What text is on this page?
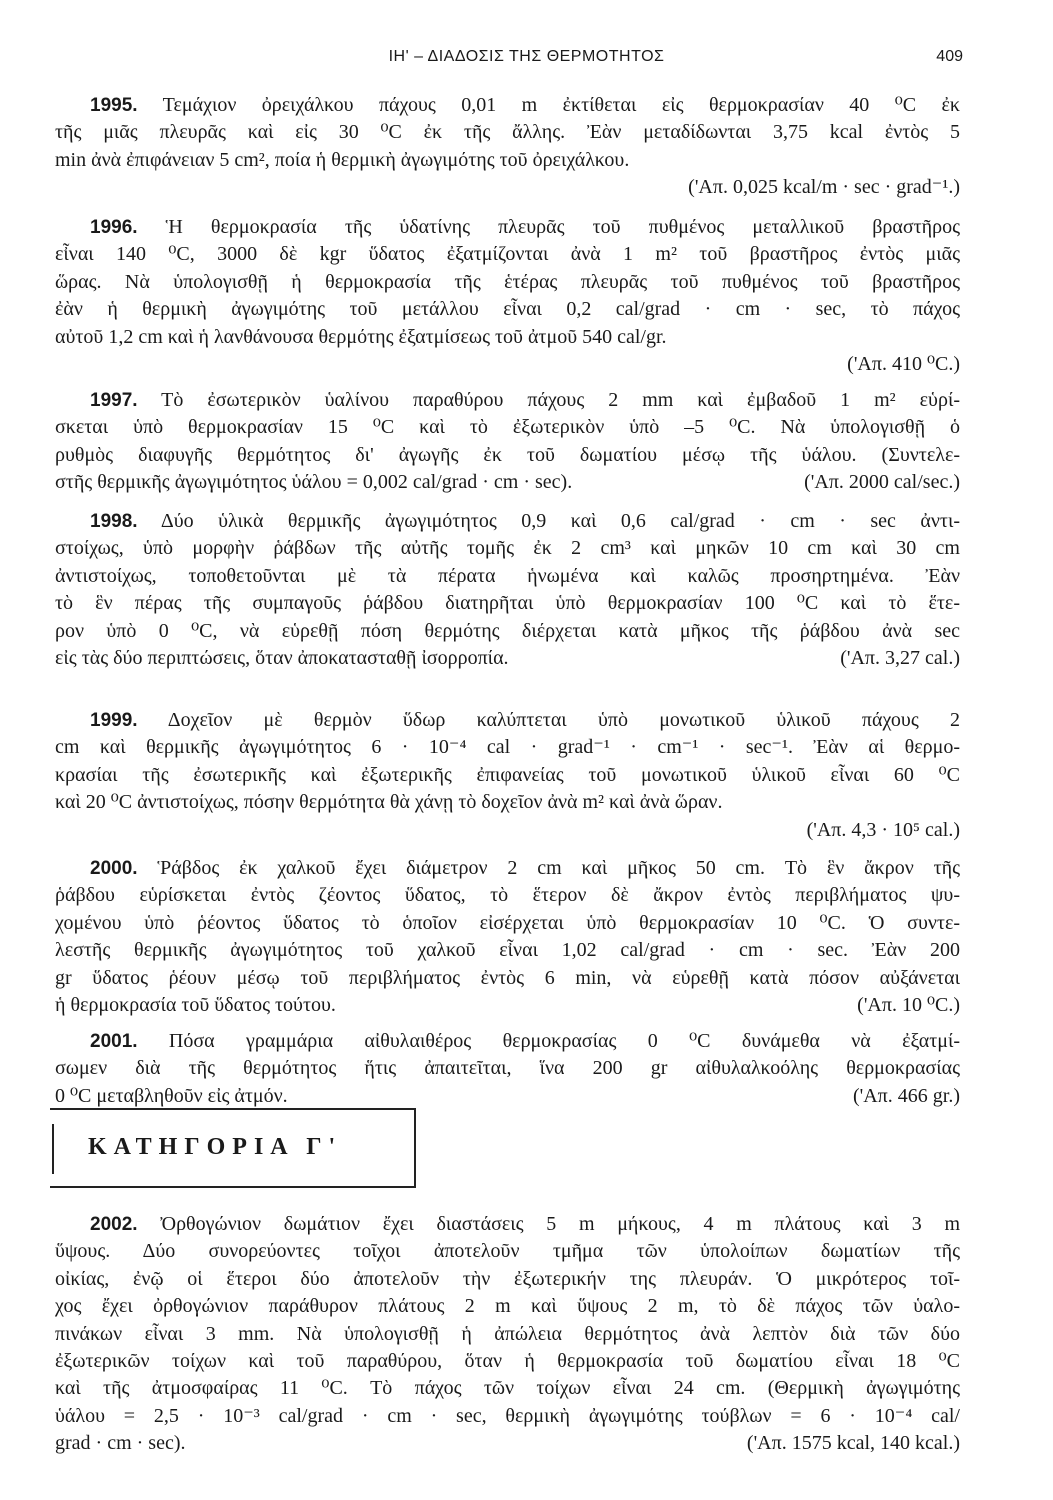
ΙΗ' – ΔΙΑΔΟΣΙΣ ΤΗΣ ΘΕΡΜΟΤΗΤΟΣ	409
1995. Τεμάχιον ὀρειχάλκου πάχους 0,01 m ἐκτίθεται εἰς θερμοκρασίαν 40 ⁰C ἐκ
τῆς μιᾶς πλευρᾶς καὶ εἰς 30 ⁰C ἐκ τῆς ἄλλης. Ἐὰν μεταδίδωνται 3,75 kcal ἐντὸς 5
min ἀνὰ ἐπιφάνειαν 5 cm², ποία ἡ θερμικὴ ἀγωγιμότης τοῦ ὀρειχάλκου.
('Απ. 0,025 kcal/m · sec · grad⁻¹.)
1996. Ἡ θερμοκρασία τῆς ὑδατίνης πλευρᾶς τοῦ πυθμένος μεταλλικοῦ βραστῆρος
εἶναι 140 ⁰C, 3000 δὲ kgr ὕδατος ἐξατμίζονται ἀνὰ 1 m² τοῦ βραστῆρος ἐντὸς μιᾶς
ὥρας. Νὰ ὑπολογισθῇ ἡ θερμοκρασία τῆς ἑτέρας πλευρᾶς τοῦ πυθμένος τοῦ βραστῆρος
ἐὰν ἡ θερμικὴ ἀγωγιμότης τοῦ μετάλλου εἶναι 0,2 cal/grad · cm · sec, τὸ πάχος
αὐτοῦ 1,2 cm καὶ ἡ λανθάνουσα θερμότης ἐξατμίσεως τοῦ ἀτμοῦ 540 cal/gr.
('Απ. 410 ⁰C.)
1997. Τὸ ἐσωτερικὸν ὑαλίνου παραθύρου πάχους 2 mm καὶ ἐμβαδοῦ 1 m² εὑρί-
σκεται ὑπὸ θερμοκρασίαν 15 ⁰C καὶ τὸ ἐξωτερικὸν ὑπὸ –5 ⁰C. Νὰ ὑπολογισθῇ ὁ
ρυθμὸς διαφυγῆς θερμότητος δι' ἀγωγῆς ἐκ τοῦ δωματίου μέσῳ τῆς ὑάλου. (Συντελε-
στῆς θερμικῆς ἀγωγιμότητος ὑάλου = 0,002 cal/grad · cm · sec).	('Απ. 2000 cal/sec.)
1998. Δύο ὑλικὰ θερμικῆς ἀγωγιμότητος 0,9 καὶ 0,6 cal/grad · cm · sec ἀντι-
στοίχως, ὑπὸ μορφὴν ῥάβδων τῆς αὐτῆς τομῆς ἐκ 2 cm³ καὶ μηκῶν 10 cm καὶ 30 cm
ἀντιστοίχως, τοποθετοῦνται μὲ τὰ πέρατα ἡνωμένα καὶ καλῶς προσηρτημένα. Ἐὰν
τὸ ἓν πέρας τῆς συμπαγοῦς ῥάβδου διατηρῆται ὑπὸ θερμοκρασίαν 100 ⁰C καὶ τὸ ἕτε-
ρον ὑπὸ 0 ⁰C, νὰ εὑρεθῇ πόση θερμότης διέρχεται κατὰ μῆκος τῆς ῥάβδου ἀνὰ sec
εἰς τὰς δύο περιπτώσεις, ὅταν ἀποκατασταθῇ ἰσορροπία.	('Απ. 3,27 cal.)
1999. Δοχεῖον μὲ θερμὸν ὕδωρ καλύπτεται ὑπὸ μονωτικοῦ ὑλικοῦ πάχους 2
cm καὶ θερμικῆς ἀγωγιμότητος 6 · 10⁻⁴ cal · grad⁻¹ · cm⁻¹ · sec⁻¹. Ἐὰν αἱ θερμο-
κρασίαι τῆς ἐσωτερικῆς καὶ ἐξωτερικῆς ἐπιφανείας τοῦ μονωτικοῦ ὑλικοῦ εἶναι 60 ⁰C
καὶ 20 ⁰C ἀντιστοίχως, πόσην θερμότητα θὰ χάνῃ τὸ δοχεῖον ἀνὰ m² καὶ ἀνὰ ὥραν.
('Απ. 4,3 · 10⁵ cal.)
2000. Ῥάβδος ἐκ χαλκοῦ ἔχει διάμετρον 2 cm καὶ μῆκος 50 cm. Τὸ ἓν ἄκρον τῆς
ῥάβδου εὑρίσκεται ἐντὸς ζέοντος ὕδατος, τὸ ἕτερον δὲ ἄκρον ἐντὸς περιβλήματος ψυ-
χομένου ὑπὸ ῥέοντος ὕδατος τὸ ὁποῖον εἰσέρχεται ὑπὸ θερμοκρασίαν 10 ⁰C. Ὁ συντε-
λεστῆς θερμικῆς ἀγωγιμότητος τοῦ χαλκοῦ εἶναι 1,02 cal/grad · cm · sec. Ἐὰν 200
gr ὕδατος ῥέουν μέσῳ τοῦ περιβλήματος ἐντὸς 6 min, νὰ εὑρεθῇ κατὰ πόσον αὐξάνεται
ἡ θερμοκρασία τοῦ ὕδατος τούτου.	('Απ. 10 ⁰C.)
2001. Πόσα γραμμάρια αἰθυλαιθέρος θερμοκρασίας 0 ⁰C δυνάμεθα νὰ ἐξατμί-
σωμεν διὰ τῆς θερμότητος ἥτις ἀπαιτεῖται, ἵνα 200 gr αἰθυλαλκοόλης θερμοκρασίας
0 ⁰C μεταβληθοῦν εἰς ἀτμόν.	('Απ. 466 gr.)
2002. Ὀρθογώνιον δωμάτιον ἔχει διαστάσεις 5 m μήκους, 4 m πλάτους καὶ 3 m
ὕψους. Δύο συνορεύοντες τοῖχοι ἀποτελοῦν τμῆμα τῶν ὑπολοίπων δωματίων τῆς
οἰκίας, ἐνῷ οἱ ἕτεροι δύο ἀποτελοῦν τὴν ἐξωτερικήν της πλευράν. Ὁ μικρότερος τοῖ-
χος ἔχει ὀρθογώνιον παράθυρον πλάτους 2 m καὶ ὕψους 2 m, τὸ δὲ πάχος τῶν ὑαλο-
πινάκων εἶναι 3 mm. Νὰ ὑπολογισθῇ ἡ ἀπώλεια θερμότητος ἀνὰ λεπτὸν διὰ τῶν δύο
ἐξωτερικῶν τοίχων καὶ τοῦ παραθύρου, ὅταν ἡ θερμοκρασία τοῦ δωματίου εἶναι 18 ⁰C
καὶ τῆς ἀτμοσφαίρας 11 ⁰C. Τὸ πάχος τῶν τοίχων εἶναι 24 cm. (Θερμικὴ ἀγωγιμότης
ὑάλου = 2,5 · 10⁻³ cal/grad · cm · sec, θερμικὴ ἀγωγιμότης τούβλων = 6 · 10⁻⁴ cal/
grad · cm · sec).	('Απ. 1575 kcal, 140 kcal.)
ΚΑΤΗΓΟΡΙΑ Γ'
